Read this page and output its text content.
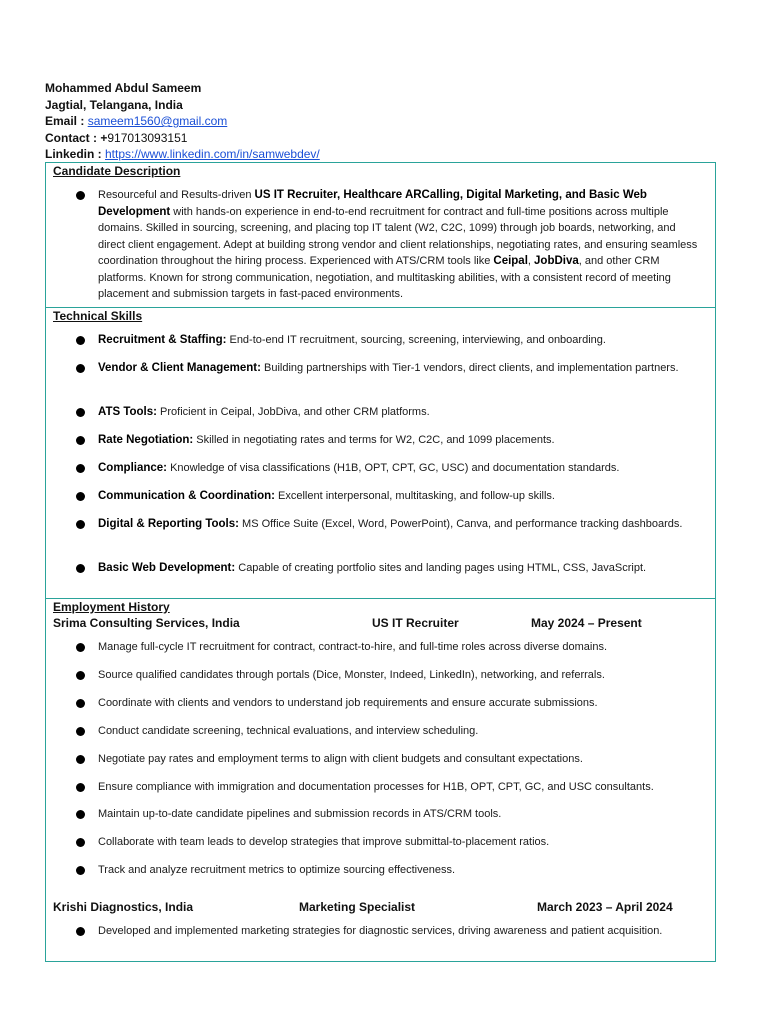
Mohammed Abdul Sameem
Jagtial, Telangana, India
Email : sameem1560@gmail.com
Contact : +917013093151
Linkedin : https://www.linkedin.com/in/samwebdev/
Candidate Description
Resourceful and Results-driven US IT Recruiter, Healthcare ARCalling, Digital Marketing, and Basic Web Development with hands-on experience in end-to-end recruitment for contract and full-time positions across multiple domains. Skilled in sourcing, screening, and placing top IT talent (W2, C2C, 1099) through job boards, networking, and direct client engagement. Adept at building strong vendor and client relationships, negotiating rates, and ensuring seamless coordination throughout the hiring process. Experienced with ATS/CRM tools like Ceipal, JobDiva, and other CRM platforms. Known for strong communication, negotiation, and multitasking abilities, with a consistent record of meeting placement and submission targets in fast-paced environments.
Technical Skills
Recruitment & Staffing: End-to-end IT recruitment, sourcing, screening, interviewing, and onboarding.
Vendor & Client Management: Building partnerships with Tier-1 vendors, direct clients, and implementation partners.
ATS Tools: Proficient in Ceipal, JobDiva, and other CRM platforms.
Rate Negotiation: Skilled in negotiating rates and terms for W2, C2C, and 1099 placements.
Compliance: Knowledge of visa classifications (H1B, OPT, CPT, GC, USC) and documentation standards.
Communication & Coordination: Excellent interpersonal, multitasking, and follow-up skills.
Digital & Reporting Tools: MS Office Suite (Excel, Word, PowerPoint), Canva, and performance tracking dashboards.
Basic Web Development: Capable of creating portfolio sites and landing pages using HTML, CSS, JavaScript.
Employment History
Srima Consulting Services, India	US IT Recruiter	May 2024 – Present
Manage full-cycle IT recruitment for contract, contract-to-hire, and full-time roles across diverse domains.
Source qualified candidates through portals (Dice, Monster, Indeed, LinkedIn), networking, and referrals.
Coordinate with clients and vendors to understand job requirements and ensure accurate submissions.
Conduct candidate screening, technical evaluations, and interview scheduling.
Negotiate pay rates and employment terms to align with client budgets and consultant expectations.
Ensure compliance with immigration and documentation processes for H1B, OPT, CPT, GC, and USC consultants.
Maintain up-to-date candidate pipelines and submission records in ATS/CRM tools.
Collaborate with team leads to develop strategies that improve submittal-to-placement ratios.
Track and analyze recruitment metrics to optimize sourcing effectiveness.
Krishi Diagnostics, India	Marketing Specialist	March 2023 – April 2024
Developed and implemented marketing strategies for diagnostic services, driving awareness and patient acquisition.
